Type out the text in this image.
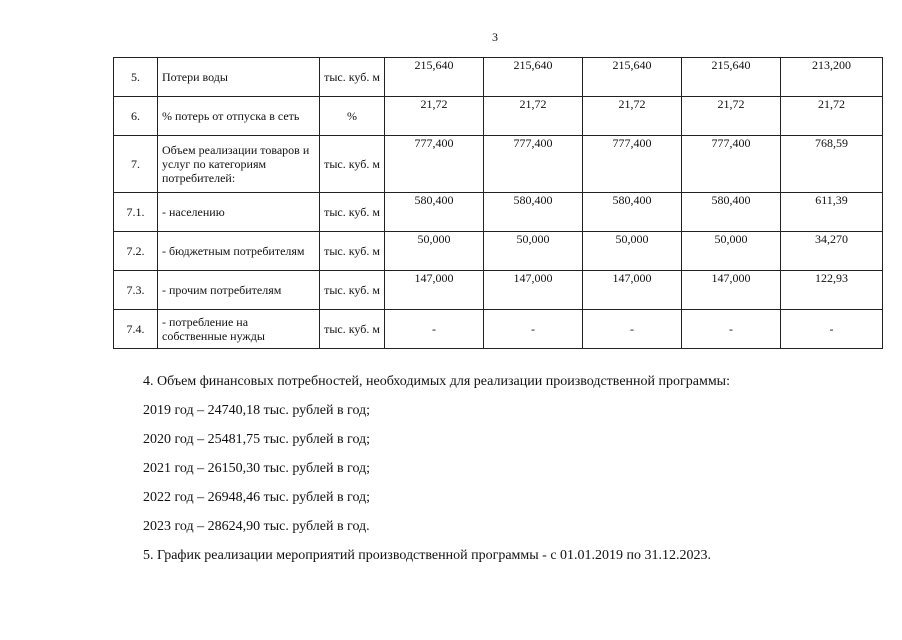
3
5.	Потери воды	тыс. куб. м	215,640	215,640	215,640	215,640	213,200
6.	% потерь от отпуска в сеть	%	21,72	21,72	21,72	21,72	21,72
7.	Объем реализации товаров и услуг по категориям потребителей:	тыс. куб. м	777,400	777,400	777,400	777,400	768,59
7.1.	- населению	тыс. куб. м	580,400	580,400	580,400	580,400	611,39
7.2.	- бюджетным потребителям	тыс. куб. м	50,000	50,000	50,000	50,000	34,270
7.3.	- прочим потребителям	тыс. куб. м	147,000	147,000	147,000	147,000	122,93
7.4.	- потребление на собственные нужды	тыс. куб. м	-	-	-	-	-
4. Объем финансовых потребностей, необходимых для реализации производственной программы:
2019 год – 24740,18 тыс. рублей в год;
2020 год – 25481,75 тыс. рублей в год;
2021 год – 26150,30 тыс. рублей в год;
2022 год – 26948,46 тыс. рублей в год;
2023 год – 28624,90 тыс. рублей в год.
5. График реализации мероприятий производственной программы - с 01.01.2019 по 31.12.2023.
